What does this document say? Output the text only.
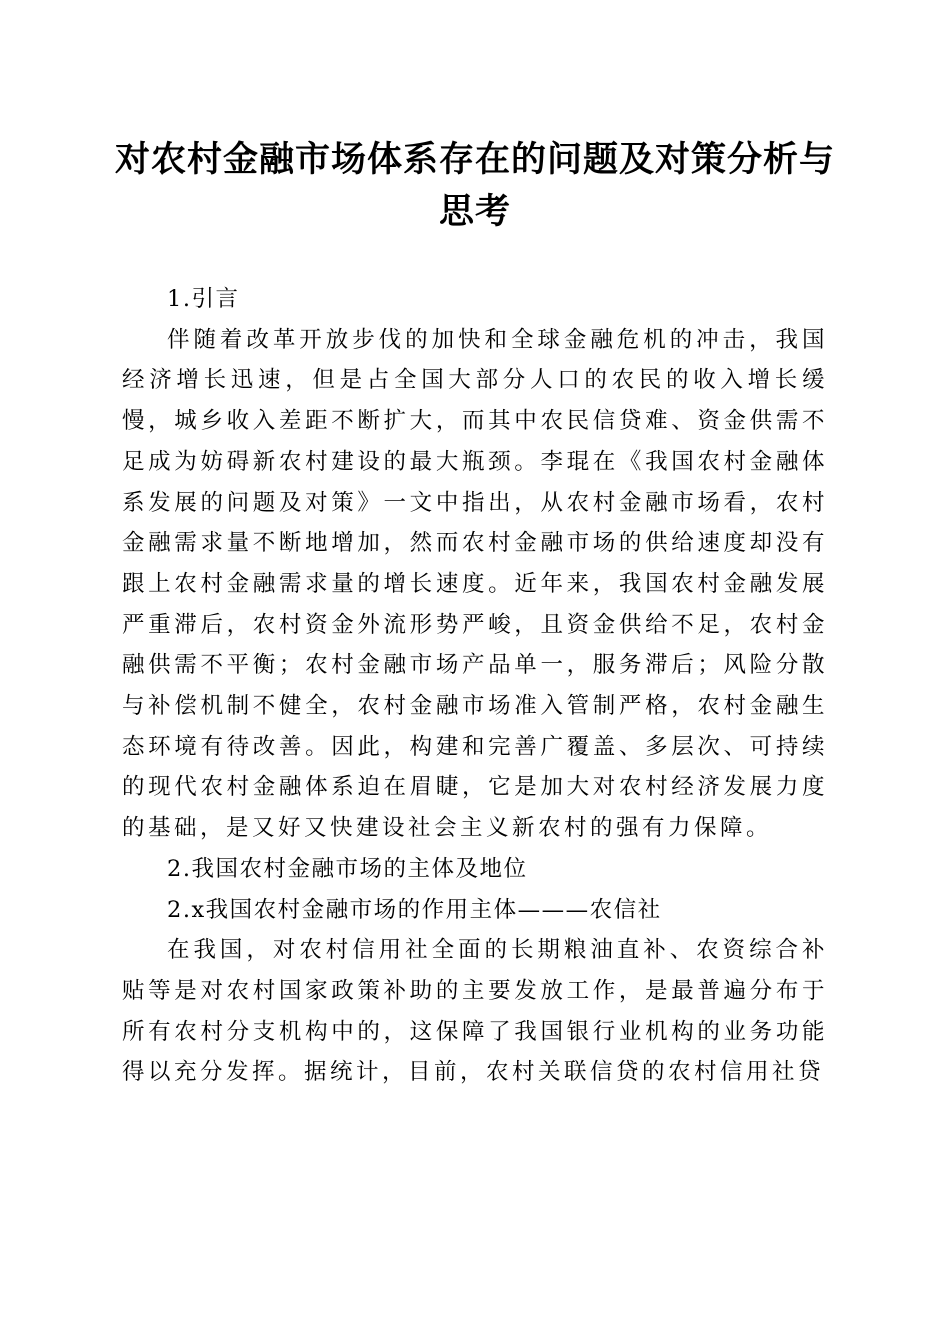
对农村金融市场体系存在的问题及对策分析与思考

1.引言

伴随着改革开放步伐的加快和全球金融危机的冲击，我国经济增长迅速，但是占全国大部分人口的农民的收入增长缓慢，城乡收入差距不断扩大，而其中农民信贷难、资金供需不足成为妨碍新农村建设的最大瓶颈。李琨在《我国农村金融体系发展的问题及对策》一文中指出，从农村金融市场看，农村金融需求量不断地增加，然而农村金融市场的供给速度却没有跟上农村金融需求量的增长速度。近年来，我国农村金融发展严重滞后，农村资金外流形势严峻，且资金供给不足，农村金融供需不平衡；农村金融市场产品单一，服务滞后；风险分散与补偿机制不健全，农村金融市场准入管制严格，农村金融生态环境有待改善。因此，构建和完善广覆盖、多层次、可持续的现代农村金融体系迫在眉睫，它是加大对农村经济发展力度的基础，是又好又快建设社会主义新农村的强有力保障。

2.我国农村金融市场的主体及地位

2.x我国农村金融市场的作用主体———农信社

在我国，对农村信用社全面的长期粮油直补、农资综合补贴等是对农村国家政策补助的主要发放工作，是最普遍分布于所有农村分支机构中的，这保障了我国银行业机构的业务功能得以充分发挥。据统计，目前，农村关联信贷的农村信用社贷
